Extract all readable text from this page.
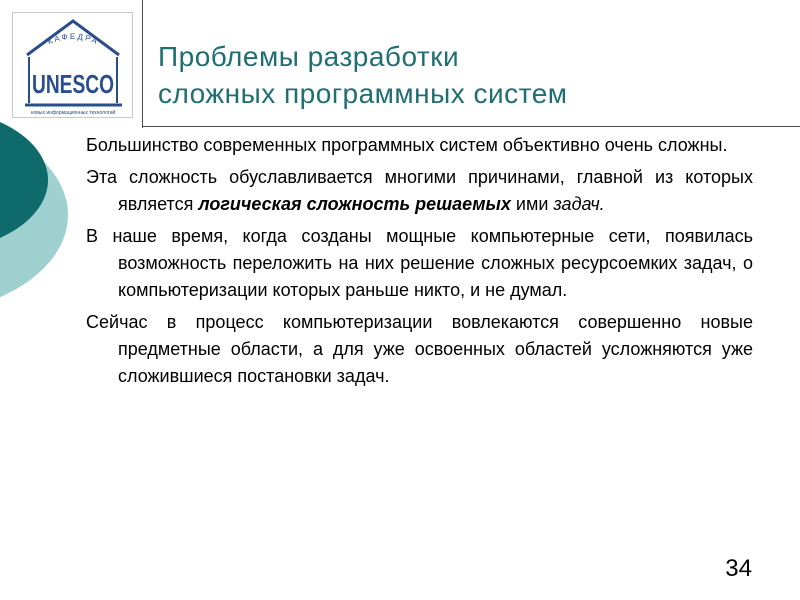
КАФЕДРА
UNESCO
новых информационных технологий
Проблемы разработки
сложных программных систем

Большинство современных программных систем объективно очень сложны.

Эта сложность обуславливается многими причинами, главной из которых является логическая сложность решаемых ими задач.

В наше время, когда созданы мощные компьютерные сети, появилась возможность переложить на них решение сложных ресурсоемких задач, о компьютеризации которых раньше никто, и не думал.

Сейчас в процесс компьютеризации вовлекаются совершенно новые предметные области, а для уже освоенных областей усложняются уже сложившиеся постановки задач.

34
